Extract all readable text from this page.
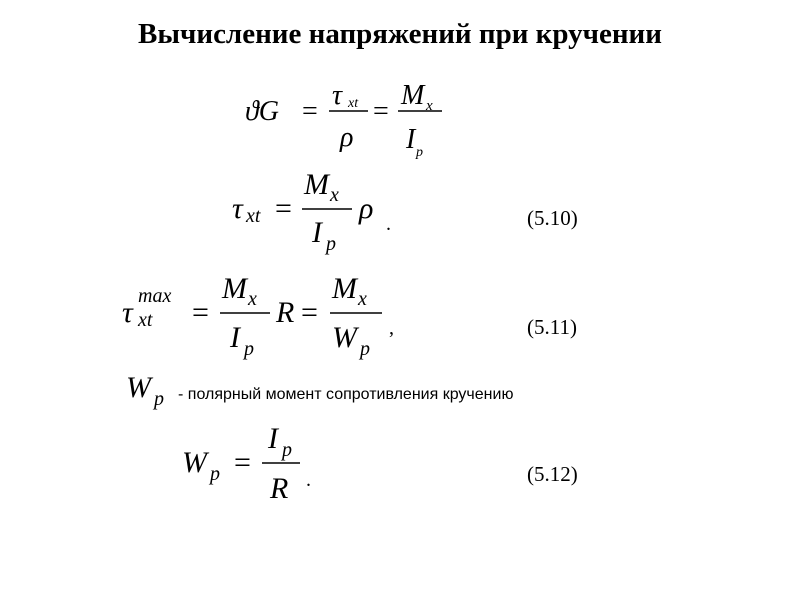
Вычисление напряжений при кручении
ϑG =
τ xt
ρ
=
M x
I p
τ xt =
M x
I p
ρ .	(5.10)
τ max
xt =
M x
I p
R =
M x
W p
,	(5.11)
W p - полярный момент сопротивления кручению
W p =
I p
R .	(5.12)
